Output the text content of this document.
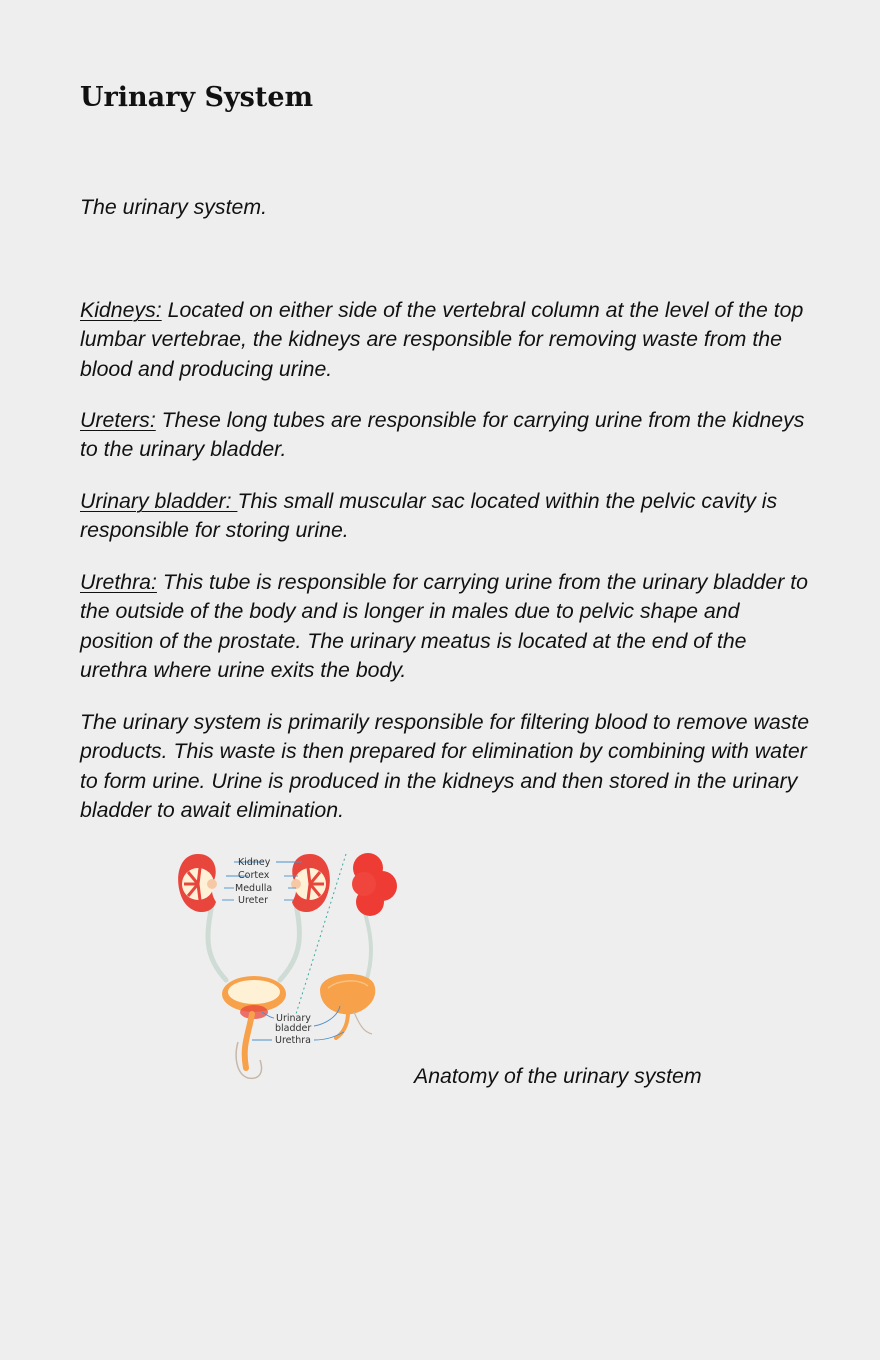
Urinary System

The urinary system.

Kidneys: Located on either side of the vertebral column at the level of the top lumbar vertebrae, the kidneys are responsible for removing waste from the blood and producing urine.

Ureters: These long tubes are responsible for carrying urine from the kidneys to the urinary bladder.

Urinary bladder: This small muscular sac located within the pelvic cavity is responsible for storing urine.

Urethra: This tube is responsible for carrying urine from the urinary bladder to the outside of the body and is longer in males due to pelvic shape and position of the prostate. The urinary meatus is located at the end of the urethra where urine exits the body.

The urinary system is primarily responsible for filtering blood to remove waste products. This waste is then prepared for elimination by combining with water to form urine. Urine is produced in the kidneys and then stored in the urinary bladder to await elimination.

Kidney
Cortex
Medulla
Ureter
Urinary
bladder
Urethra

Anatomy of the urinary system
